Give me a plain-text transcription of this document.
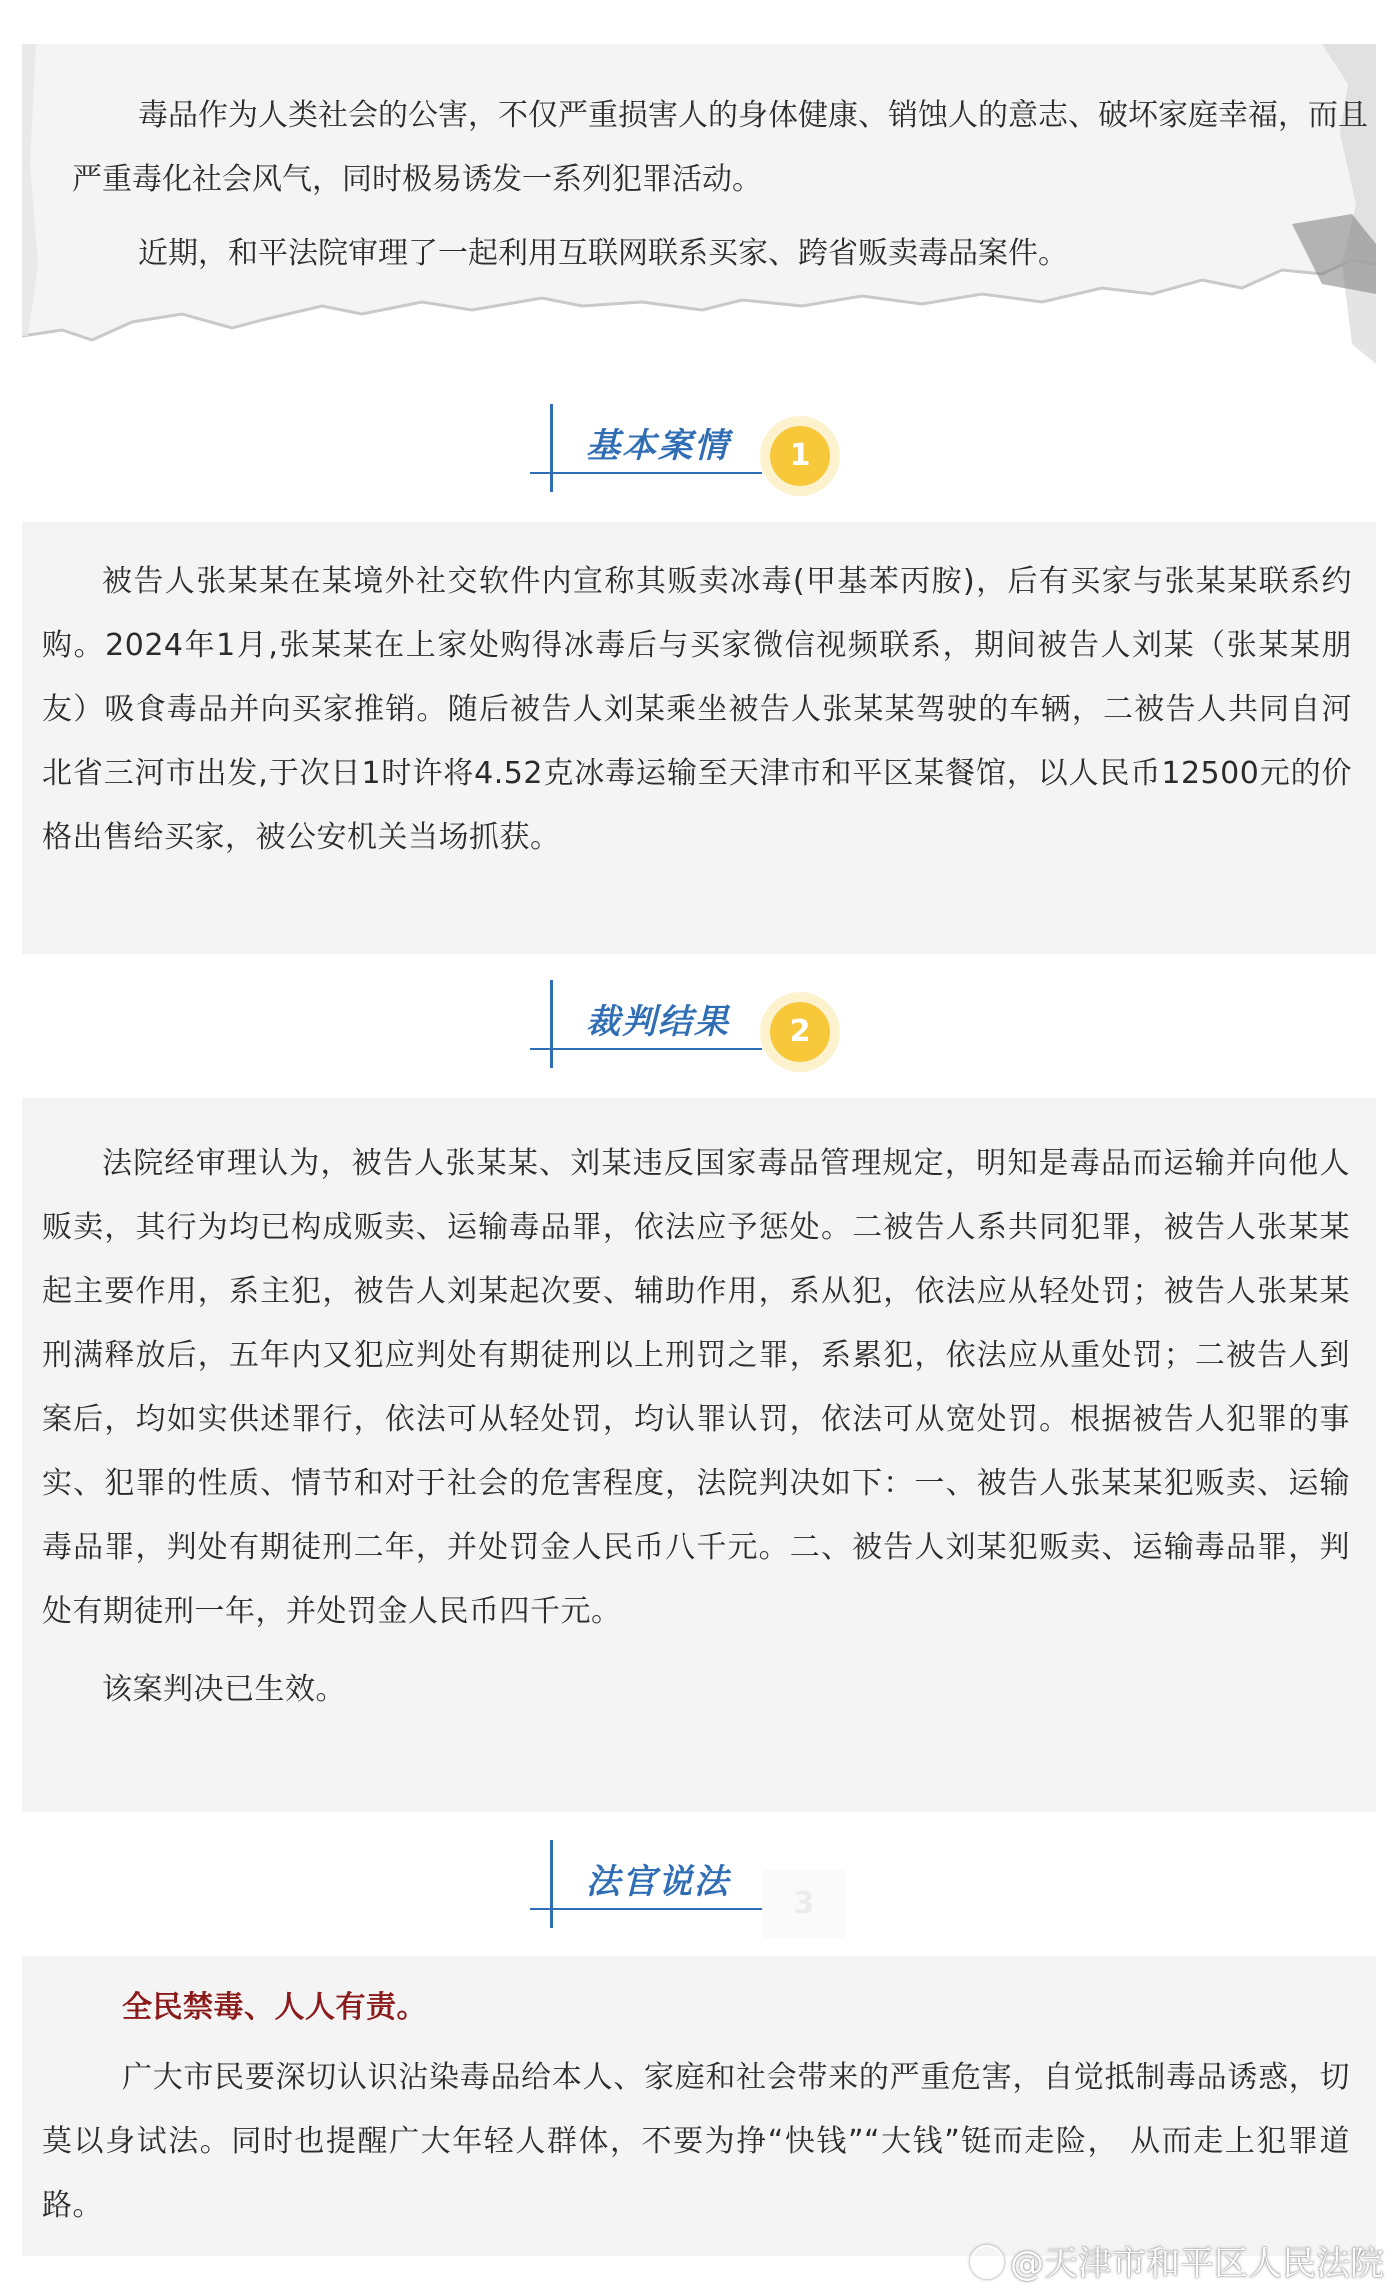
毒品作为人类社会的公害，不仅严重损害人的身体健康、销蚀人的意志、破坏家庭幸福，而且严重毒化社会风气，同时极易诱发一系列犯罪活动。

近期，和平法院审理了一起利用互联网联系买家、跨省贩卖毒品案件。

基本案情	1

被告人张某某在某境外社交软件内宣称其贩卖冰毒(甲基苯丙胺)，后有买家与张某某联系约购。2024年1月,张某某在上家处购得冰毒后与买家微信视频联系，期间被告人刘某（张某某朋友）吸食毒品并向买家推销。随后被告人刘某乘坐被告人张某某驾驶的车辆，二被告人共同自河北省三河市出发,于次日1时许将4.52克冰毒运输至天津市和平区某餐馆，以人民币12500元的价格出售给买家，被公安机关当场抓获。

裁判结果	2

法院经审理认为，被告人张某某、刘某违反国家毒品管理规定，明知是毒品而运输并向他人贩卖，其行为均已构成贩卖、运输毒品罪，依法应予惩处。二被告人系共同犯罪，被告人张某某起主要作用，系主犯，被告人刘某起次要、辅助作用，系从犯，依法应从轻处罚；被告人张某某刑满释放后，五年内又犯应判处有期徒刑以上刑罚之罪，系累犯，依法应从重处罚；二被告人到案后，均如实供述罪行，依法可从轻处罚，均认罪认罚，依法可从宽处罚。根据被告人犯罪的事实、犯罪的性质、情节和对于社会的危害程度，法院判决如下：一、被告人张某某犯贩卖、运输毒品罪，判处有期徒刑二年，并处罚金人民币八千元。二、被告人刘某犯贩卖、运输毒品罪，判处有期徒刑一年，并处罚金人民币四千元。

该案判决已生效。

法官说法
3

全民禁毒、人人有责。

广大市民要深切认识沾染毒品给本人、家庭和社会带来的严重危害，自觉抵制毒品诱惑，切莫以身试法。同时也提醒广大年轻人群体，不要为挣“快钱”“大钱”铤而走险， 从而走上犯罪道路。

@天津市和平区人民法院
